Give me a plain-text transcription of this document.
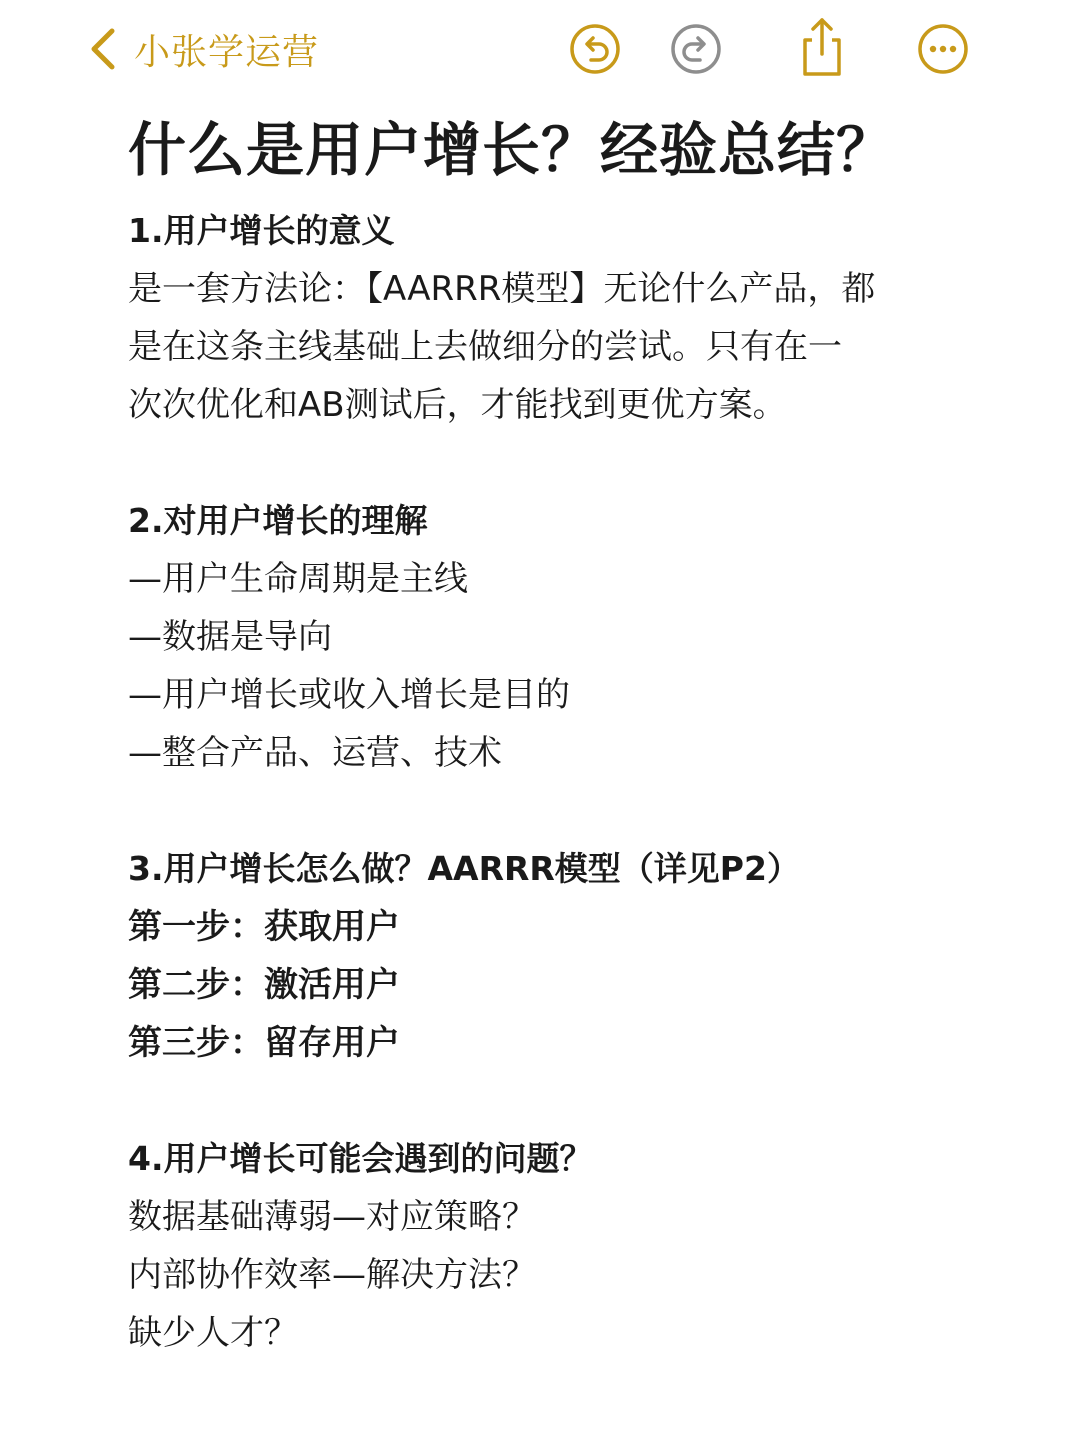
小张学运营
什么是用户增长？经验总结？
1.用户增长的意义
是一套方法论：【AARRR模型】无论什么产品，都
是在这条主线基础上去做细分的尝试。只有在一
次次优化和AB测试后，才能找到更优方案。
2.对用户增长的理解
—用户生命周期是主线
—数据是导向
—用户增长或收入增长是目的
—整合产品、运营、技术
3.用户增长怎么做？AARRR模型（详见P2）
第一步：获取用户
第二步：激活用户
第三步：留存用户
4.用户增长可能会遇到的问题？
数据基础薄弱—对应策略？
内部协作效率—解决方法？
缺少人才？
